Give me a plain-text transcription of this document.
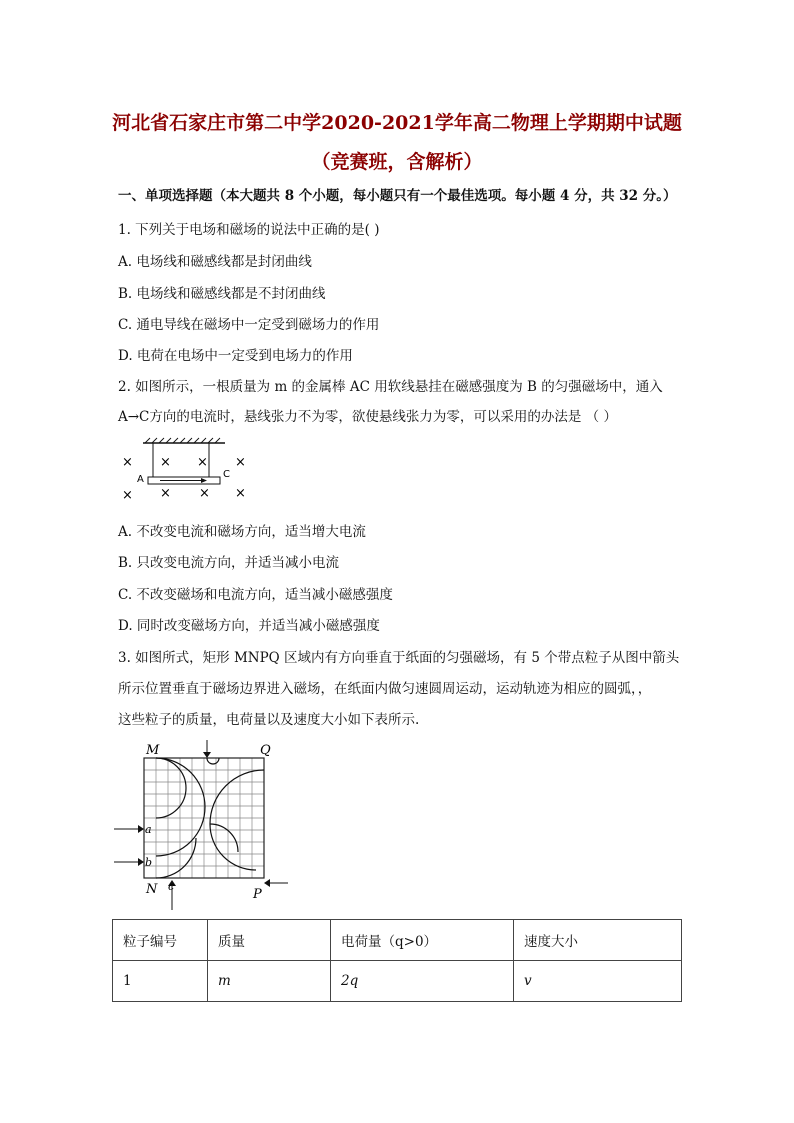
河北省石家庄市第二中学2020-2021学年高二物理上学期期中试题
（竞赛班，含解析）
一、单项选择题（本大题共 8 个小题，每小题只有一个最佳选项。每小题 4 分，共 32 分。）
1. 下列关于电场和磁场的说法中正确的是( )
A. 电场线和磁感线都是封闭曲线
B. 电场线和磁感线都是不封闭曲线
C. 通电导线在磁场中一定受到磁场力的作用
D. 电荷在电场中一定受到电场力的作用
2. 如图所示，一根质量为 m 的金属棒 AC 用软线悬挂在磁感强度为 B 的匀强磁场中，通入
A→C方向的电流时，悬线张力不为零，欲使悬线张力为零，可以采用的办法是 （ ）
A	C
× × × ×
× × × ×
A. 不改变电流和磁场方向，适当增大电流
B. 只改变电流方向，并适当减小电流
C. 不改变磁场和电流方向，适当减小磁感强度
D. 同时改变磁场方向，并适当减小磁感强度
3. 如图所式，矩形 MNPQ 区域内有方向垂直于纸面的匀强磁场，有 5 个带点粒子从图中箭头
所示位置垂直于磁场边界进入磁场，在纸面内做匀速圆周运动，运动轨迹为相应的圆弧，，
这些粒子的质量，电荷量以及速度大小如下表所示.
M	Q
N	P
a
b
c
粒子编号	质量	电荷量（q>0）	速度大小
1	m	2q	v
